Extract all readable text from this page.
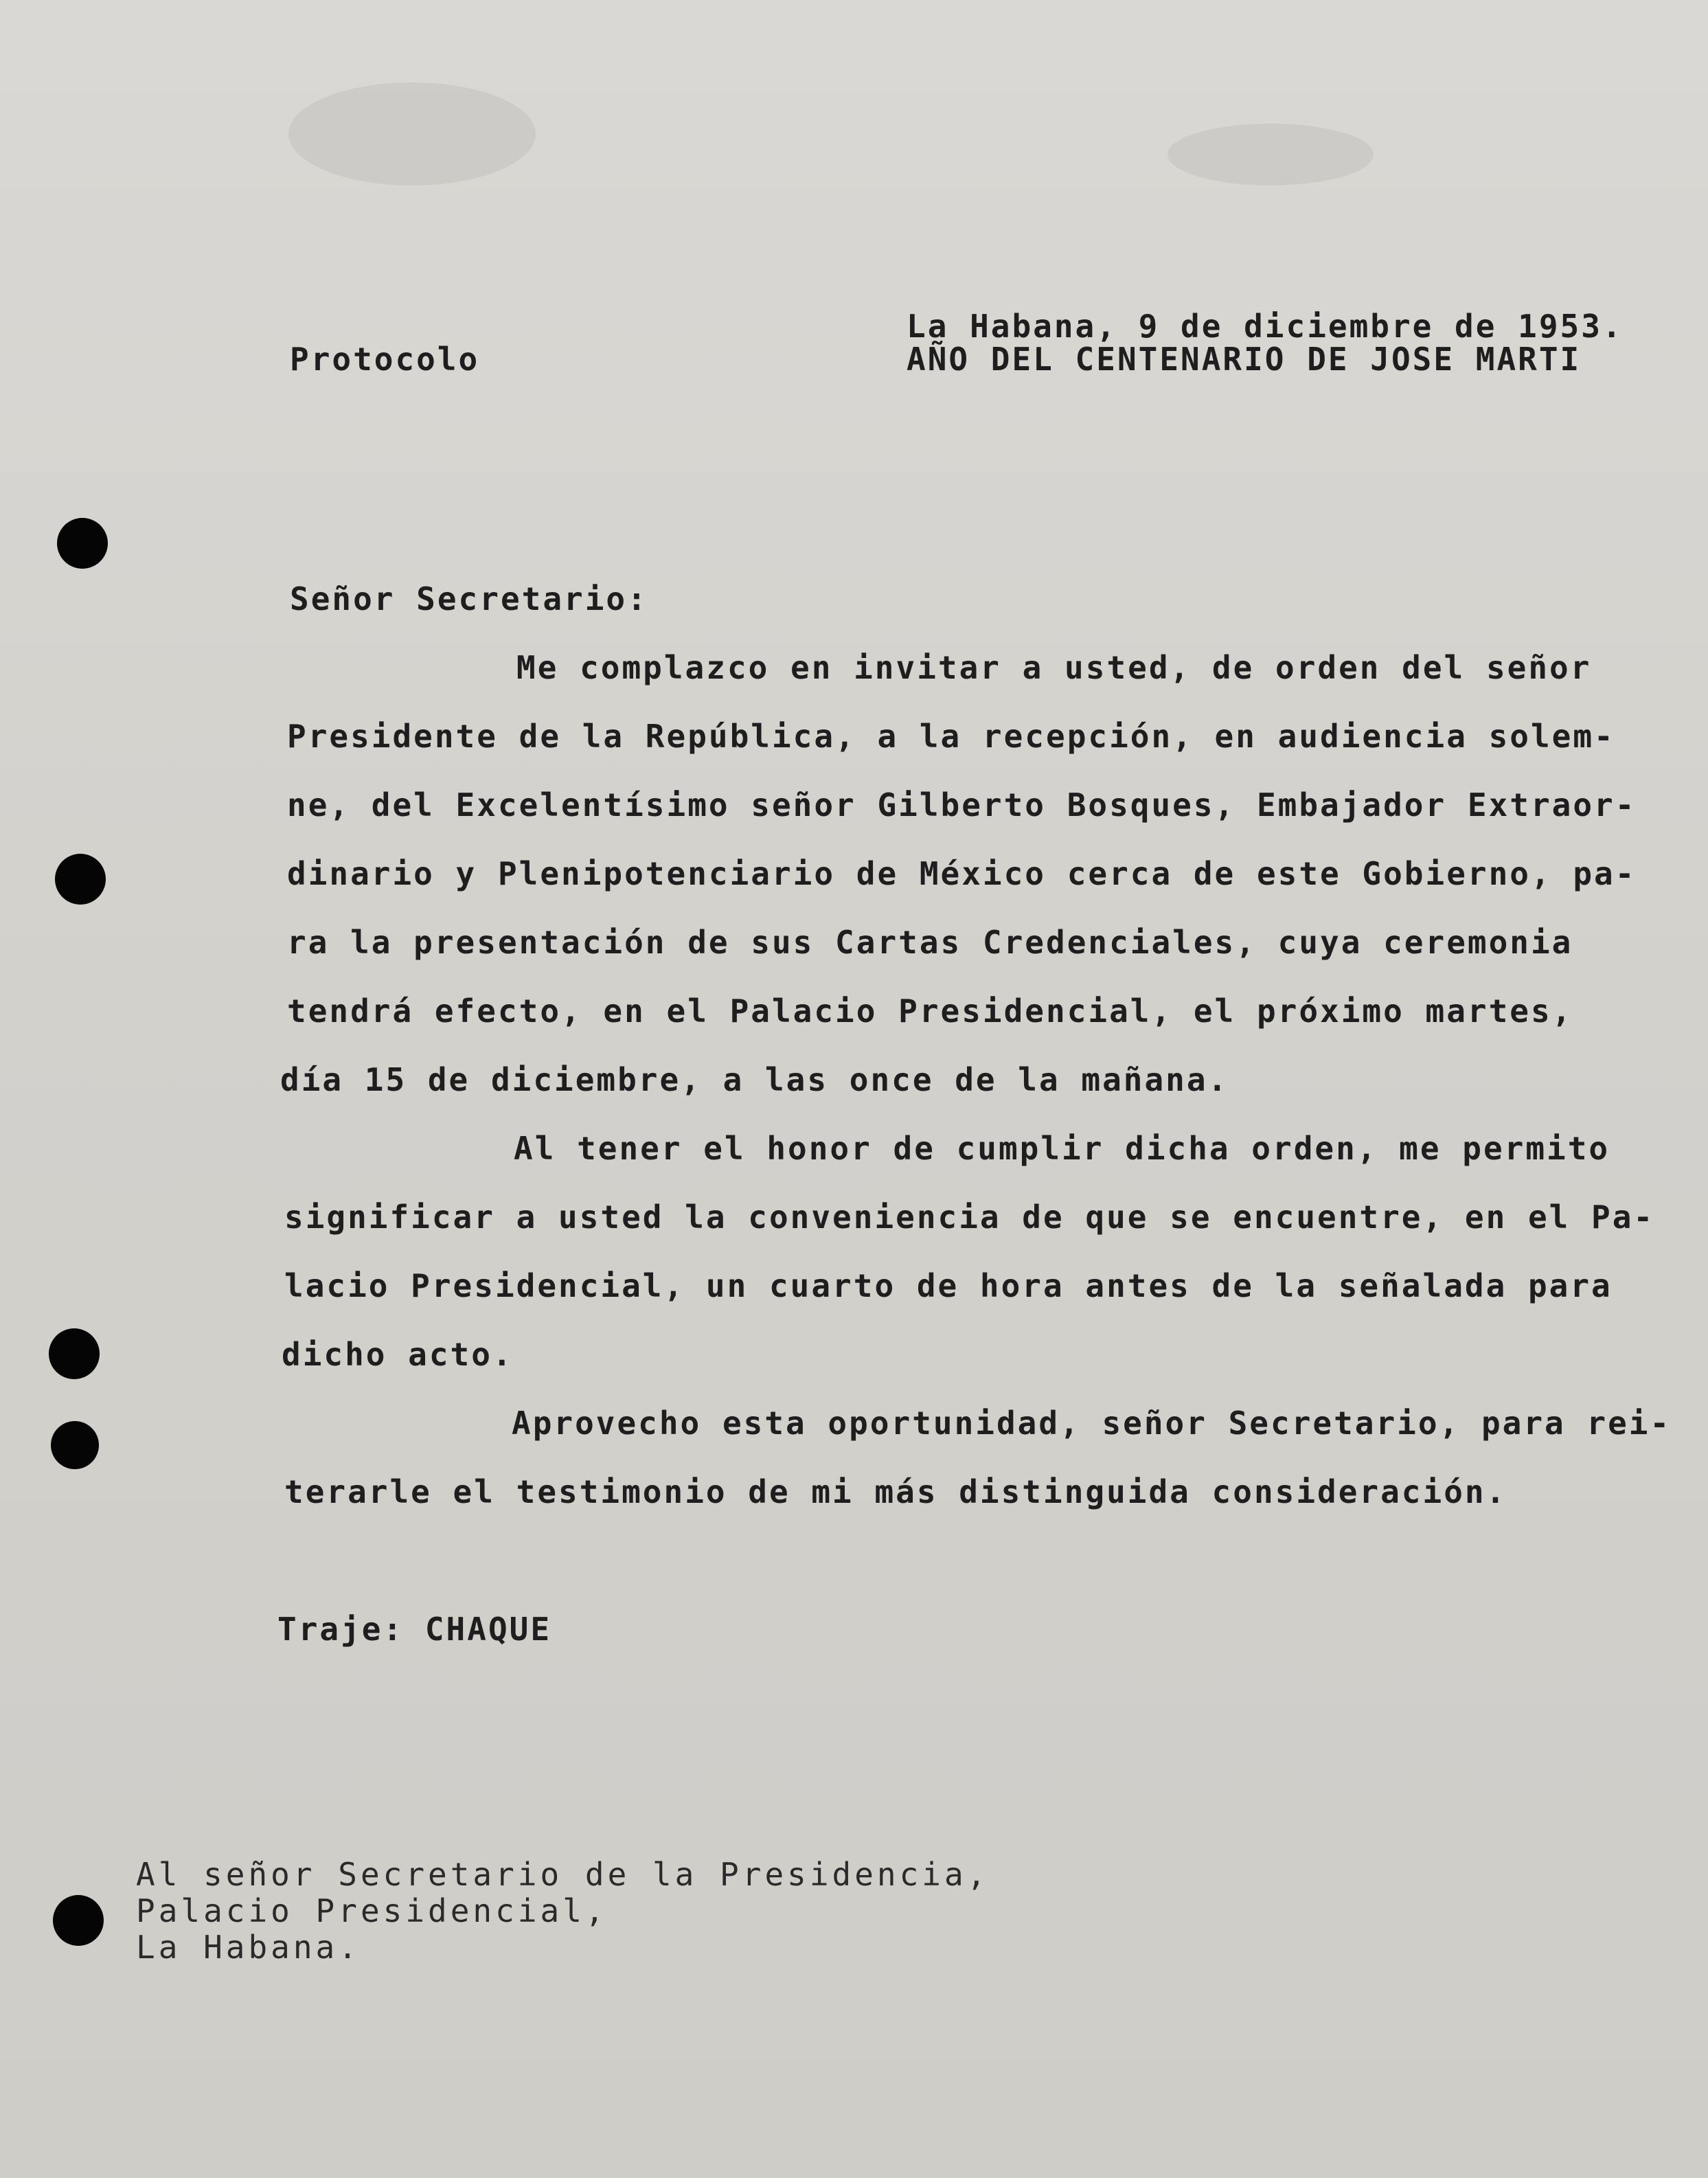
La Habana, 9 de diciembre de 1953.
Protocolo	AÑO DEL CENTENARIO DE JOSE MARTI
Señor Secretario:
Me complazco en invitar a usted, de orden del señor
Presidente de la República, a la recepción, en audiencia solem-
ne, del Excelentísimo señor Gilberto Bosques, Embajador Extraor-
dinario y Plenipotenciario de México cerca de este Gobierno, pa-
ra la presentación de sus Cartas Credenciales, cuya ceremonia
tendrá efecto, en el Palacio Presidencial, el próximo martes,
día 15 de diciembre, a las once de la mañana.
Al tener el honor de cumplir dicha orden, me permito
significar a usted la conveniencia de que se encuentre, en el Pa-
lacio Presidencial, un cuarto de hora antes de la señalada para
dicho acto.
Aprovecho esta oportunidad, señor Secretario, para rei-
terarle el testimonio de mi más distinguida consideración.
Traje: CHAQUE
Al señor Secretario de la Presidencia,
Palacio Presidencial,
La Habana.
